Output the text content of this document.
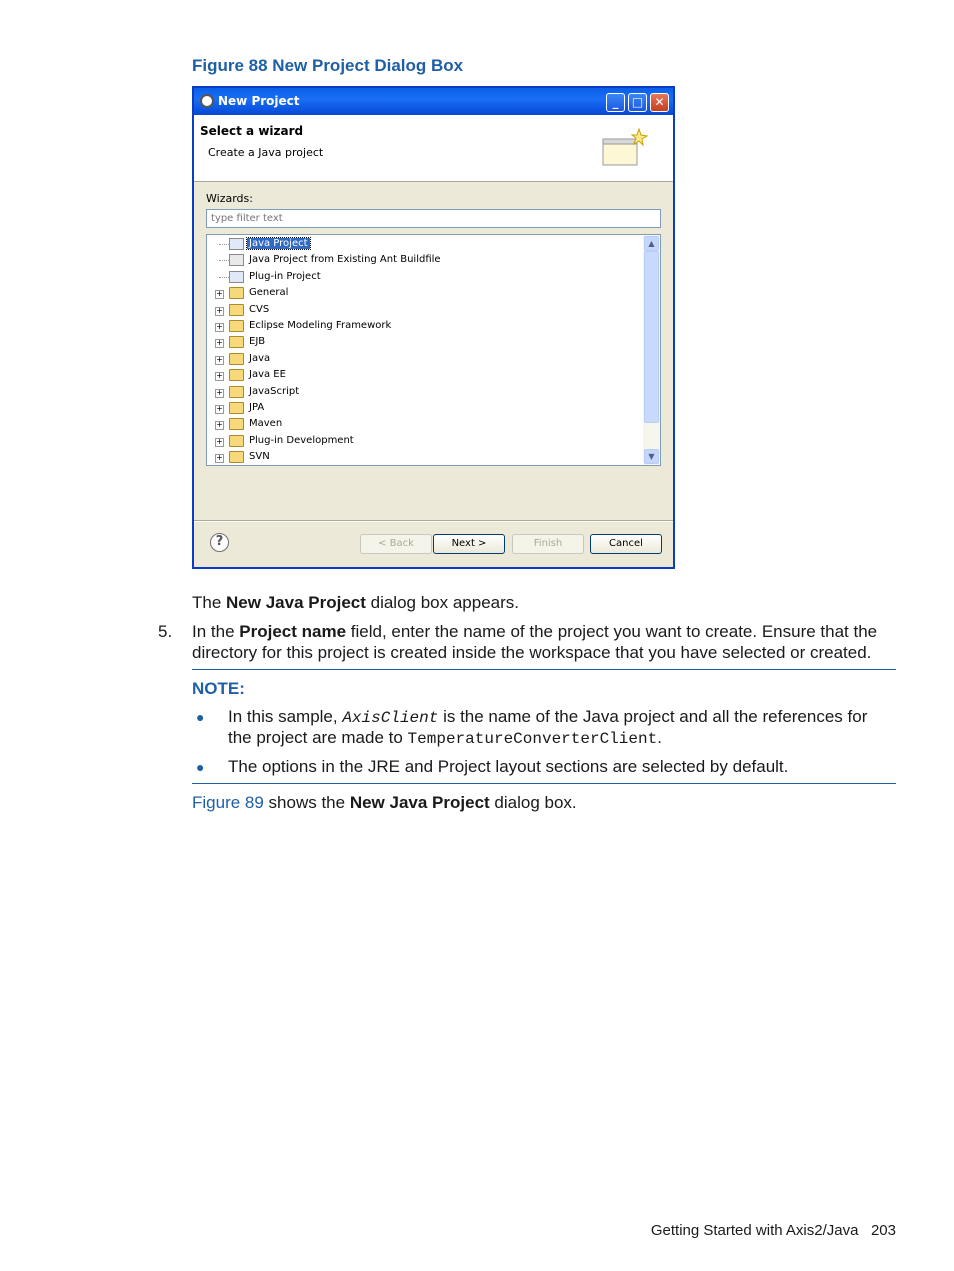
Figure 88 New Project Dialog Box
New Project	_	□ ✕
Select a wizard
Create a Java project
Wizards:
type filter text
Java Project
Java Project from Existing Ant Buildfile
Plug-in Project
+	General
+	CVS
+	Eclipse Modeling Framework
+	EJB
+	Java
+	Java EE
+	JavaScript
+	JPA
+	Maven
+	Plug-in Development
+	SVN
▲
▼
?	< Back	Next >	Finish	Cancel
The New Java Project dialog box appears.
5. In the Project name field, enter the name of the project you want to create. Ensure that the
directory for this project is created inside the workspace that you have selected or created.
NOTE:
● In this sample, AxisClient is the name of the Java project and all the references for
the project are made to TemperatureConverterClient.
● The options in the JRE and Project layout sections are selected by default.
Figure 89 shows the New Java Project dialog box.
Getting Started with Axis2/Java 203
